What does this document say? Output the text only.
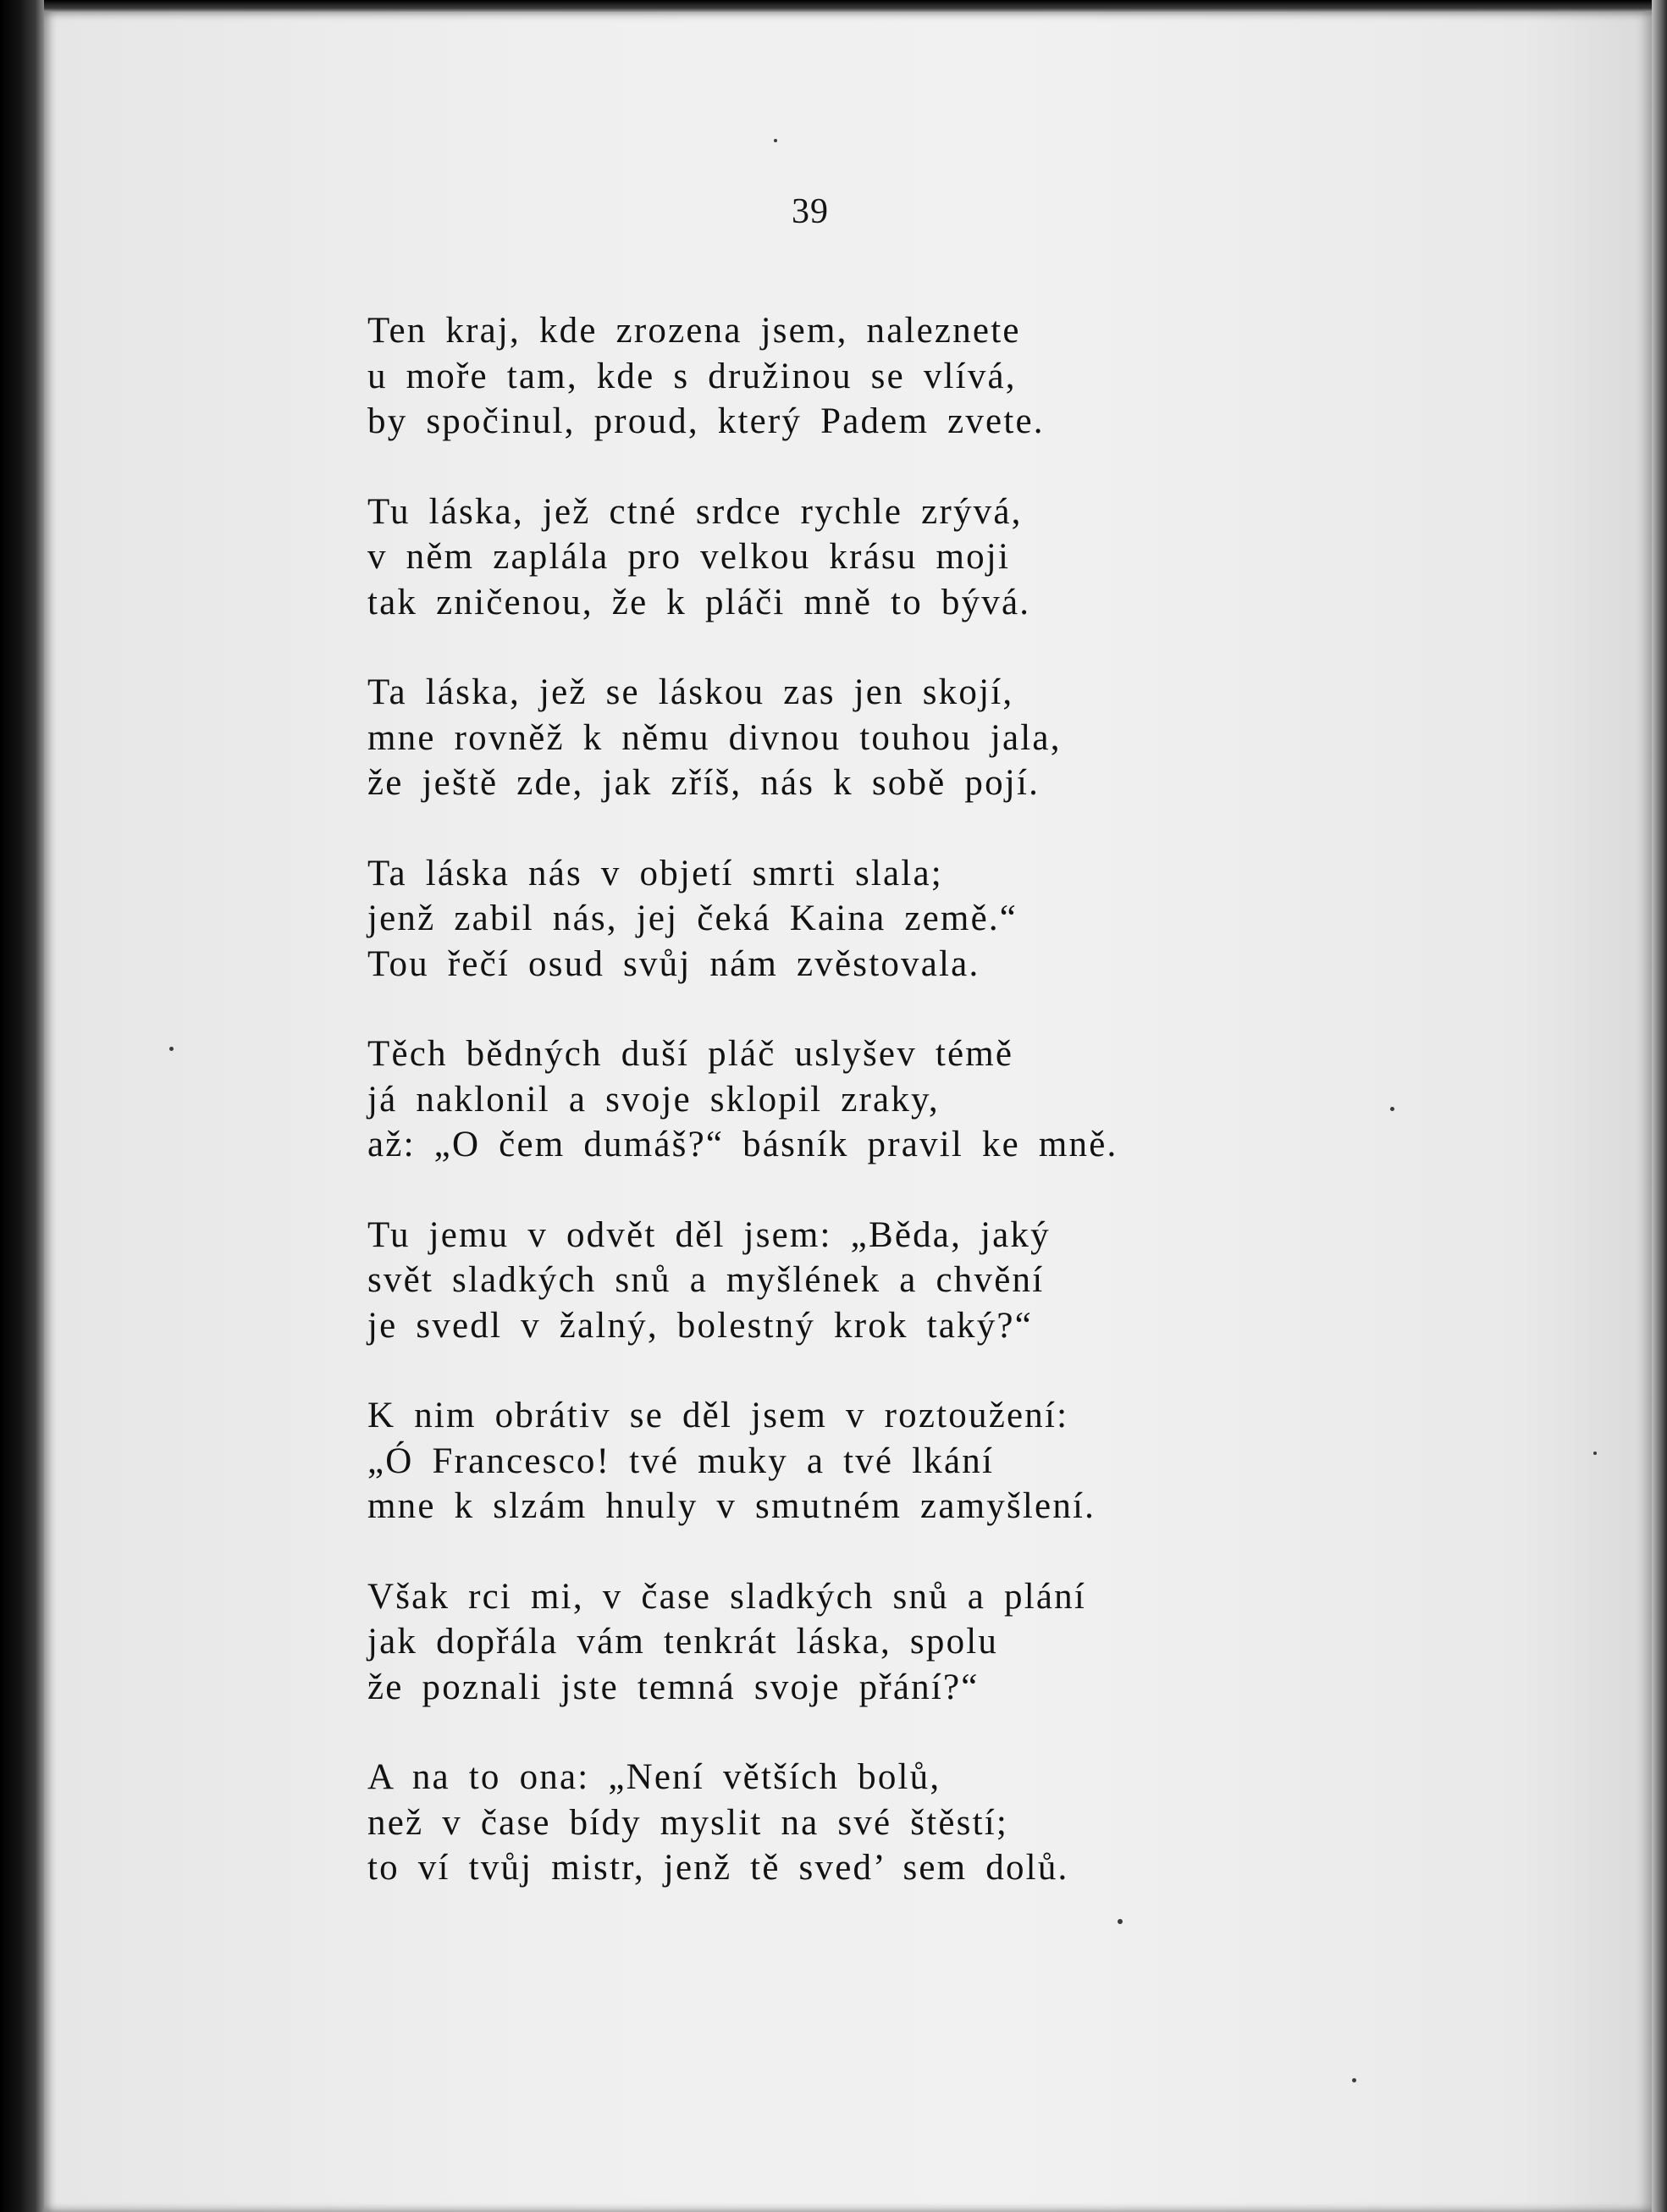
39
Ten kraj, kde zrozena jsem, naleznete
u moře tam, kde s družinou se vlívá,
by spočinul, proud, který Padem zvete.
Tu láska, jež ctné srdce rychle zrývá,
v něm zaplála pro velkou krásu moji
tak zničenou, že k pláči mně to bývá.
Ta láska, jež se láskou zas jen skojí,
mne rovněž k němu divnou touhou jala,
že ještě zde, jak zříš, nás k sobě pojí.
Ta láska nás v objetí smrti slala;
jenž zabil nás, jej čeká Kaina země.“
Tou řečí osud svůj nám zvěstovala.
Těch bědných duší pláč uslyšev témě
já naklonil a svoje sklopil zraky,
až: „O čem dumáš?“ básník pravil ke mně.
Tu jemu v odvět děl jsem: „Běda, jaký
svět sladkých snů a myšlének a chvění
je svedl v žalný, bolestný krok taký?“
K nim obrátiv se děl jsem v roztoužení:
„Ó Francesco! tvé muky a tvé lkání
mne k slzám hnuly v smutném zamyšlení.
Však rci mi, v čase sladkých snů a plání
jak dopřála vám tenkrát láska, spolu
že poznali jste temná svoje přání?“
A na to ona: „Není větších bolů,
než v čase bídy myslit na své štěstí;
to ví tvůj mistr, jenž tě sved’ sem dolů.
